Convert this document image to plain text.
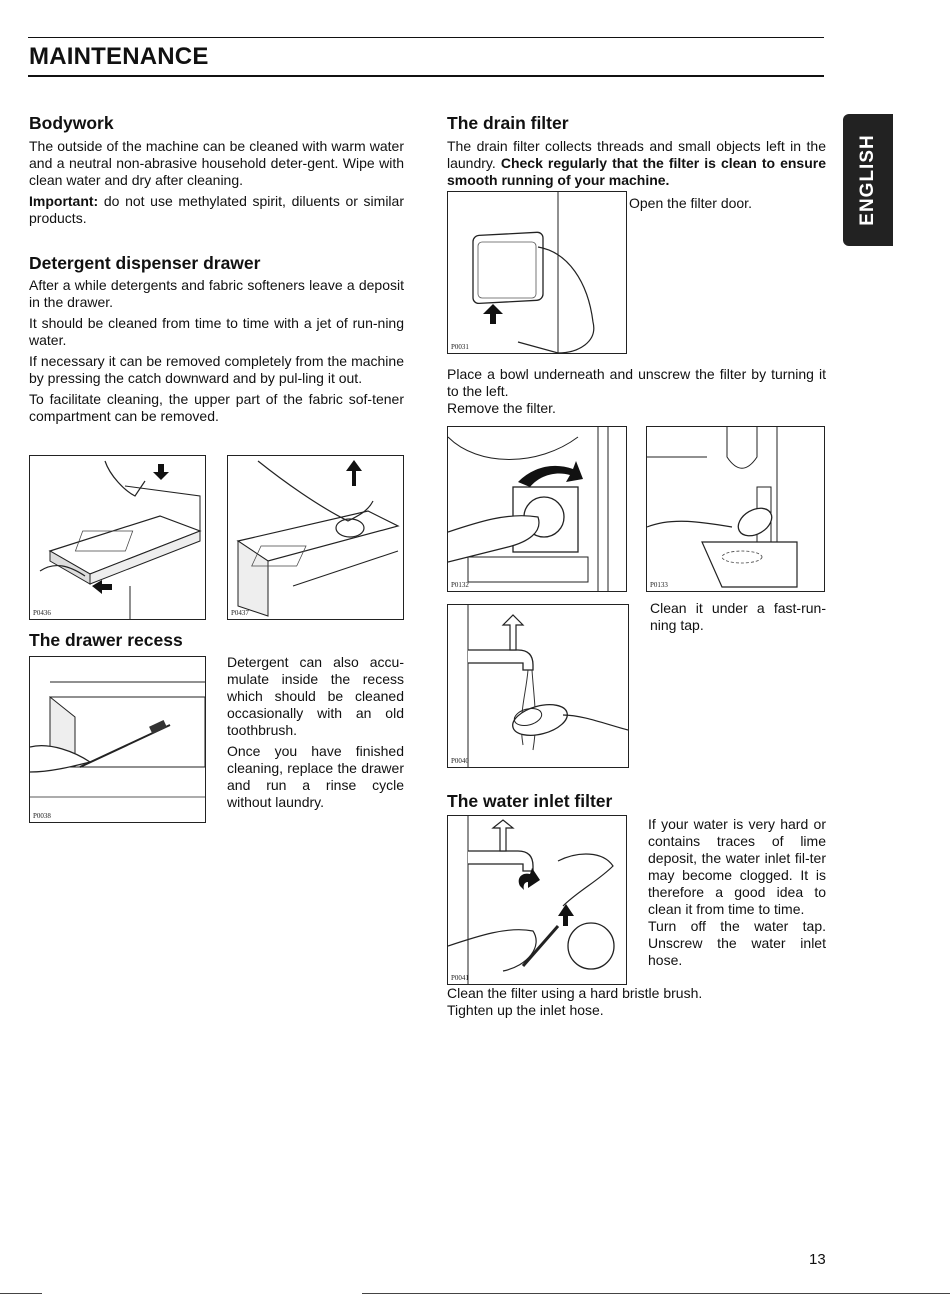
MAINTENANCE
ENGLISH
Bodywork

The outside of the machine can be cleaned with warm water and a neutral non-abrasive household deter-gent. Wipe with clean water and dry after cleaning.

Important: do not use methylated spirit, diluents or similar products.

Detergent dispenser drawer

After a while detergents and fabric softeners leave a deposit in the drawer.

It should be cleaned from time to time with a jet of run-ning water.

If necessary it can be removed completely from the machine by pressing the catch downward and by pul-ling it out.

To facilitate cleaning, the upper part of the fabric sof-tener compartment can be removed.

P0436	P0437
The drawer recess
P0038

Detergent can also accu-mulate inside the recess which should be cleaned occasionally with an old toothbrush.

Once you have finished cleaning, replace the drawer and run a rinse cycle without laundry.

The drain filter
The drain filter collects threads and small objects left in the laundry. Check regularly that the filter is clean to ensure smooth running of your machine.
P0031
Open the filter door.
Place a bowl underneath and unscrew the filter by turning it to the left.
Remove the filter.
P0132	P0133
P0040
Clean it under a fast-run-ning tap.
The water inlet filter
P0041

If your water is very hard or contains traces of lime deposit, the water inlet fil-ter may become clogged. It is therefore a good idea to clean it from time to time.

Turn off the water tap. Unscrew the water inlet hose.

Clean the filter using a hard bristle brush.
Tighten up the inlet hose.
13
